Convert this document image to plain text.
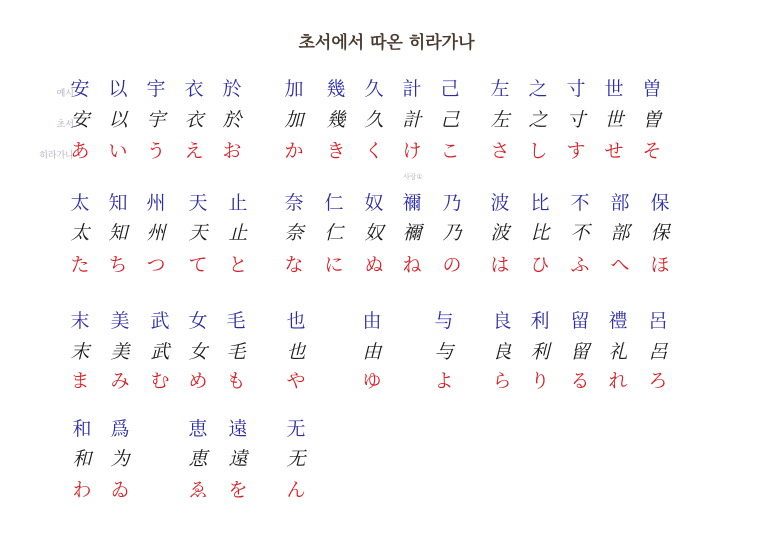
초서에서 따온 히라가나
예시
초서
히라가나
사랑①
安 以 宇 衣 於
安 以 宇 衣 於
あ い う え お
加	幾 久 計 己
加	幾 久 計 己
か	き く け こ
左 之 寸 世 曽
左 之 寸 世 曽
さ し す せ そ
太 知 州	天	止
太 知 州	天	止
た ち つ	て	と
奈	仁	奴 禰	乃
奈	仁	奴 禰	乃
な	に	ぬ ね	の
波	比	不	部	保
波	比	不	部	保
は	ひ	ふ	へ	ほ
末	美	武 女 毛
末	美	武 女 毛
ま	み	む め も
也	由	与
也	由	与
や	ゆ	よ
良 利	留 禮	呂
良 利	留 礼	呂
ら り	る れ	ろ
和 爲
和 为
わ ゐ
恵	遠
恵	遠
ゑ	を
无
无
ん
